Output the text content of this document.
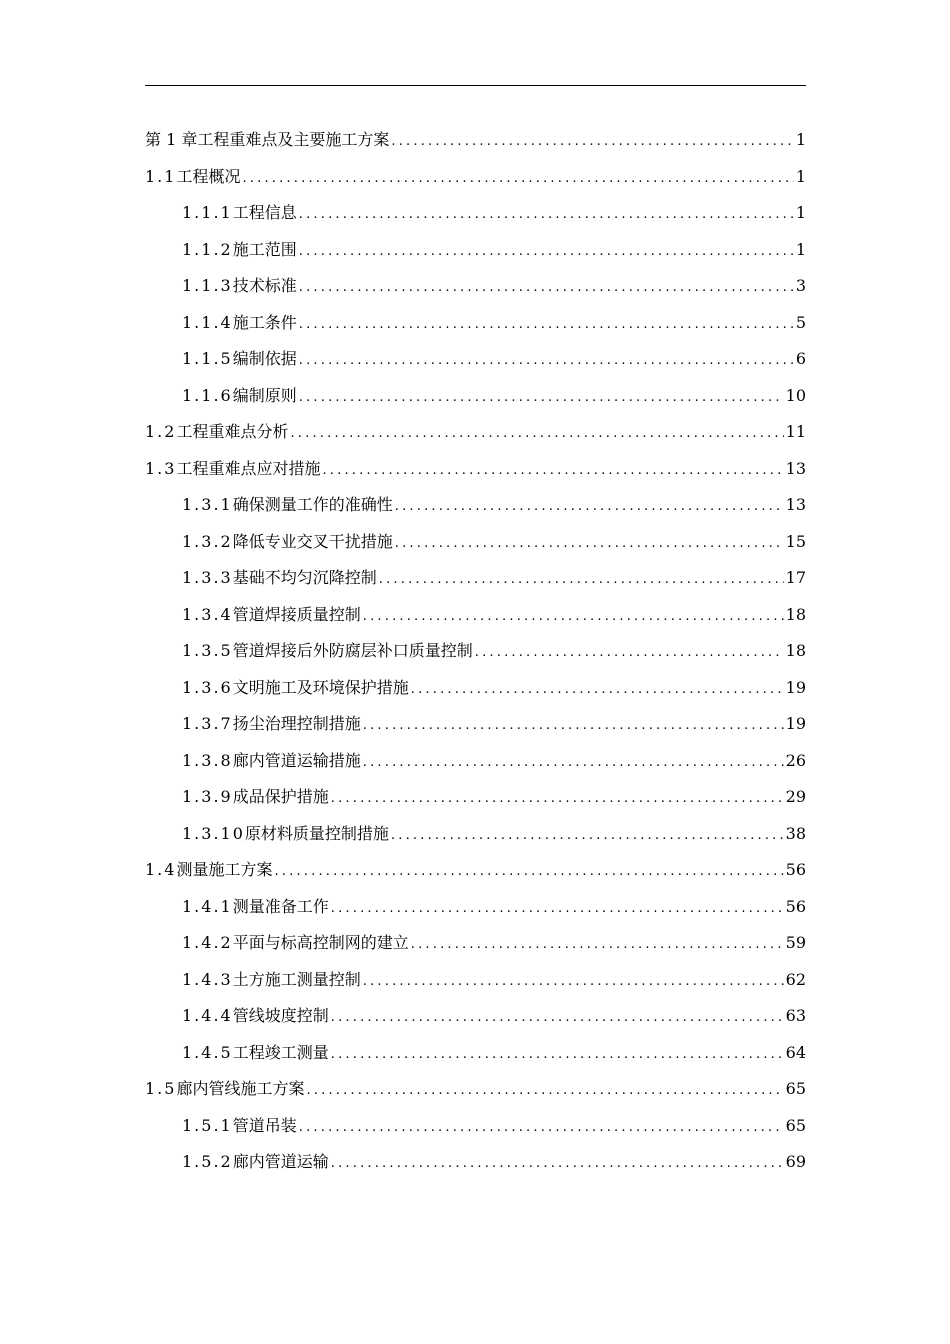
第 1 章 工程重难点及主要施工方案 .....	1
1.1 工程概况 .....	1
1.1.1 工程信息 .....	1
1.1.2 施工范围 .....	1
1.1.3 技术标准 .....	3
1.1.4 施工条件 .....	5
1.1.5 编制依据 .....	6
1.1.6 编制原则 .....	10
1.2 工程重难点分析 .....	11
1.3 工程重难点应对措施 .....	13
1.3.1 确保测量工作的准确性 .....	13
1.3.2 降低专业交叉干扰措施 .....	15
1.3.3 基础不均匀沉降控制 .....	17
1.3.4 管道焊接质量控制 .....	18
1.3.5 管道焊接后外防腐层补口质量控制 .....	18
1.3.6 文明施工及环境保护措施 .....	19
1.3.7 扬尘治理控制措施 .....	19
1.3.8 廊内管道运输措施 .....	26
1.3.9 成品保护措施 .....	29
1.3.10 原材料质量控制措施 .....	38
1.4 测量施工方案 .....	56
1.4.1 测量准备工作 .....	56
1.4.2 平面与标高控制网的建立 .....	59
1.4.3 土方施工测量控制 .....	62
1.4.4 管线坡度控制 .....	63
1.4.5 工程竣工测量 .....	64
1.5 廊内管线施工方案 .....	65
1.5.1 管道吊装 .....	65
1.5.2 廊内管道运输 .....	69
